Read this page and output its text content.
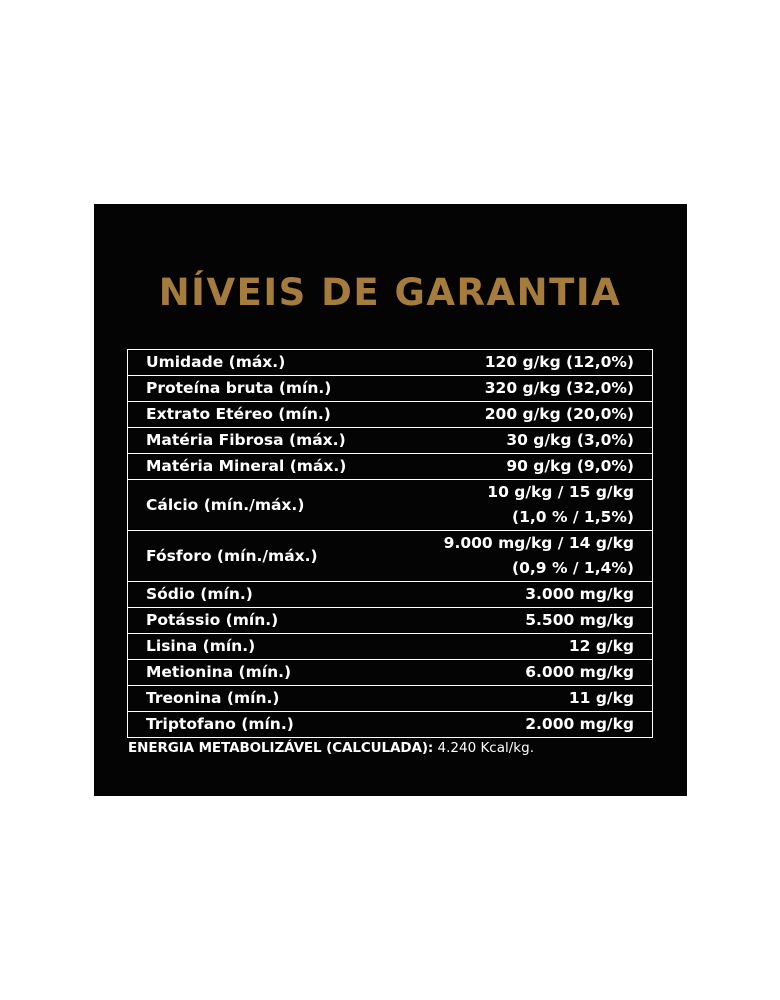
NÍVEIS DE GARANTIA
Umidade (máx.)	120 g/kg (12,0%)

Proteína bruta (mín.)	320 g/kg (32,0%)

Extrato Etéreo (mín.)	200 g/kg (20,0%)

Matéria Fibrosa (máx.)	30 g/kg (3,0%)

Matéria Mineral (máx.)	90 g/kg (9,0%)

Cálcio (mín./máx.)	10 g/kg / 15 g/kg
(1,0 % / 1,5%)

Fósforo (mín./máx.)	9.000 mg/kg / 14 g/kg
(0,9 % / 1,4%)

Sódio (mín.)	3.000 mg/kg

Potássio (mín.)	5.500 mg/kg

Lisina (mín.)	12 g/kg

Metionina (mín.)	6.000 mg/kg

Treonina (mín.)	11 g/kg

Triptofano (mín.)	2.000 mg/kg
ENERGIA METABOLIZÁVEL (CALCULADA): 4.240 Kcal/kg.
